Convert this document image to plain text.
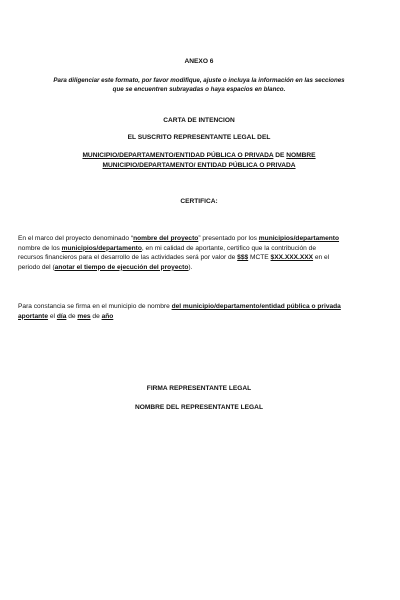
ANEXO 6
Para diligenciar este formato, por favor modifique, ajuste o incluya la información en las secciones
que se encuentren subrayadas o haya espacios en blanco.
CARTA DE INTENCION
EL SUSCRITO REPRESENTANTE LEGAL DEL
MUNICIPIO/DEPARTAMENTO/ENTIDAD PÚBLICA O PRIVADA DE NOMBRE
MUNICIPIO/DEPARTAMENTO/ ENTIDAD PÚBLICA O PRIVADA
CERTIFICA:
En el marco del proyecto denominado “nombre del proyecto” presentado por los municipios/departamento
nombre de los municipios/departamento, en mi calidad de aportante, certifico que la contribución de
recursos financieros para el desarrollo de las actividades será por valor de $$$ MCTE $XX.XXX.XXX en el
periodo del (anotar el tiempo de ejecución del proyecto).
Para constancia se firma en el municipio de nombre del municipio/departamento/entidad pública o privada
aportante el día de mes de año
FIRMA REPRESENTANTE LEGAL
NOMBRE DEL REPRESENTANTE LEGAL
